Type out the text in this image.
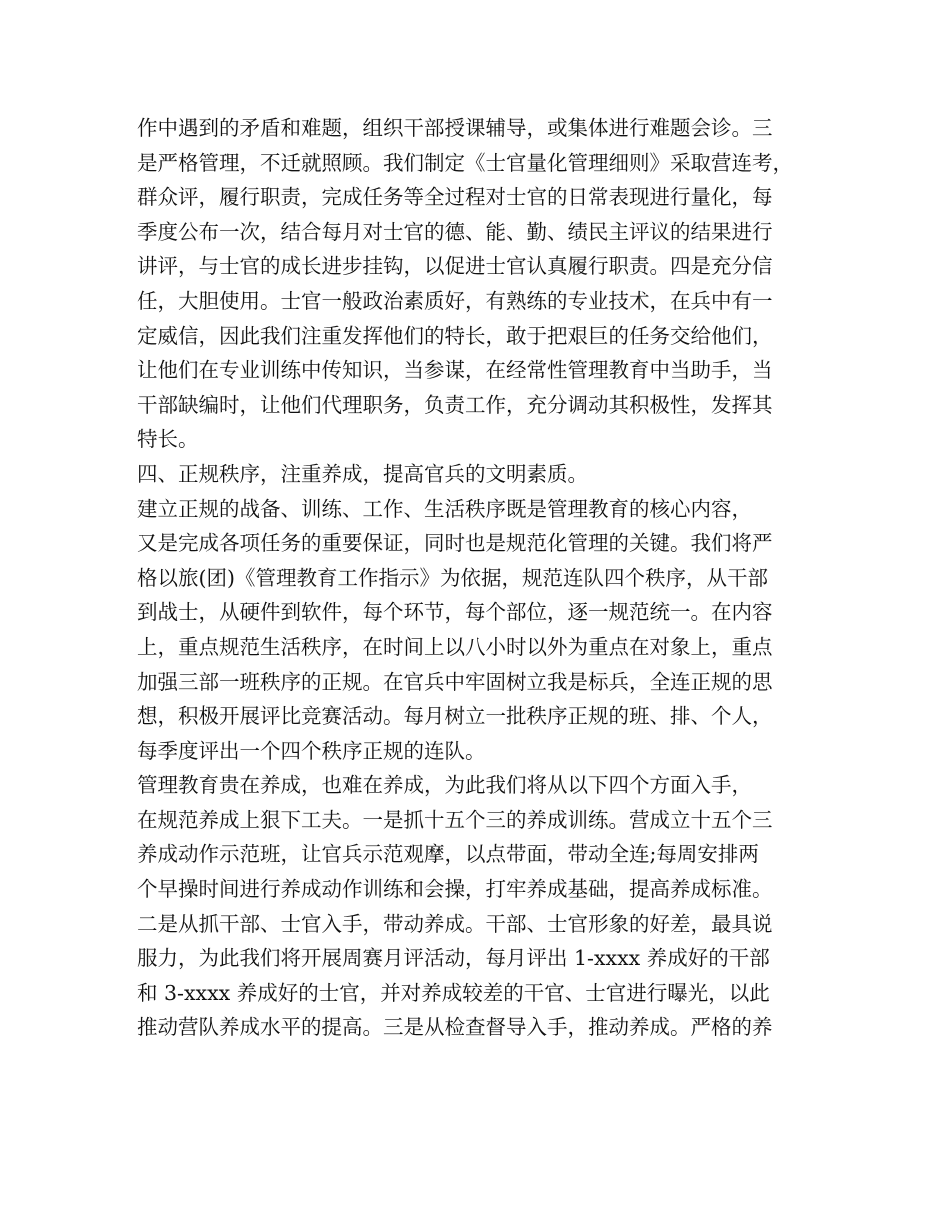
作中遇到的矛盾和难题，组织干部授课辅导，或集体进行难题会诊。三
是严格管理，不迁就照顾。我们制定《士官量化管理细则》采取营连考，
群众评，履行职责，完成任务等全过程对士官的日常表现进行量化，每
季度公布一次，结合每月对士官的德、能、勤、绩民主评议的结果进行
讲评，与士官的成长进步挂钩，以促进士官认真履行职责。四是充分信
任，大胆使用。士官一般政治素质好，有熟练的专业技术，在兵中有一
定威信，因此我们注重发挥他们的特长，敢于把艰巨的任务交给他们，
让他们在专业训练中传知识，当参谋，在经常性管理教育中当助手，当
干部缺编时，让他们代理职务，负责工作，充分调动其积极性，发挥其
特长。
四、正规秩序，注重养成，提高官兵的文明素质。
建立正规的战备、训练、工作、生活秩序既是管理教育的核心内容，
又是完成各项任务的重要保证，同时也是规范化管理的关键。我们将严
格以旅(团)《管理教育工作指示》为依据，规范连队四个秩序，从干部
到战士，从硬件到软件，每个环节，每个部位，逐一规范统一。在内容
上，重点规范生活秩序，在时间上以八小时以外为重点在对象上，重点
加强三部一班秩序的正规。在官兵中牢固树立我是标兵，全连正规的思
想，积极开展评比竞赛活动。每月树立一批秩序正规的班、排、个人，
每季度评出一个四个秩序正规的连队。
管理教育贵在养成，也难在养成，为此我们将从以下四个方面入手，
在规范养成上狠下工夫。一是抓十五个三的养成训练。营成立十五个三
养成动作示范班，让官兵示范观摩，以点带面，带动全连;每周安排两
个早操时间进行养成动作训练和会操，打牢养成基础，提高养成标准。
二是从抓干部、士官入手，带动养成。干部、士官形象的好差，最具说
服力，为此我们将开展周赛月评活动，每月评出 1-xxxx 养成好的干部
和 3-xxxx 养成好的士官，并对养成较差的干官、士官进行曝光，以此
推动营队养成水平的提高。三是从检查督导入手，推动养成。严格的养
